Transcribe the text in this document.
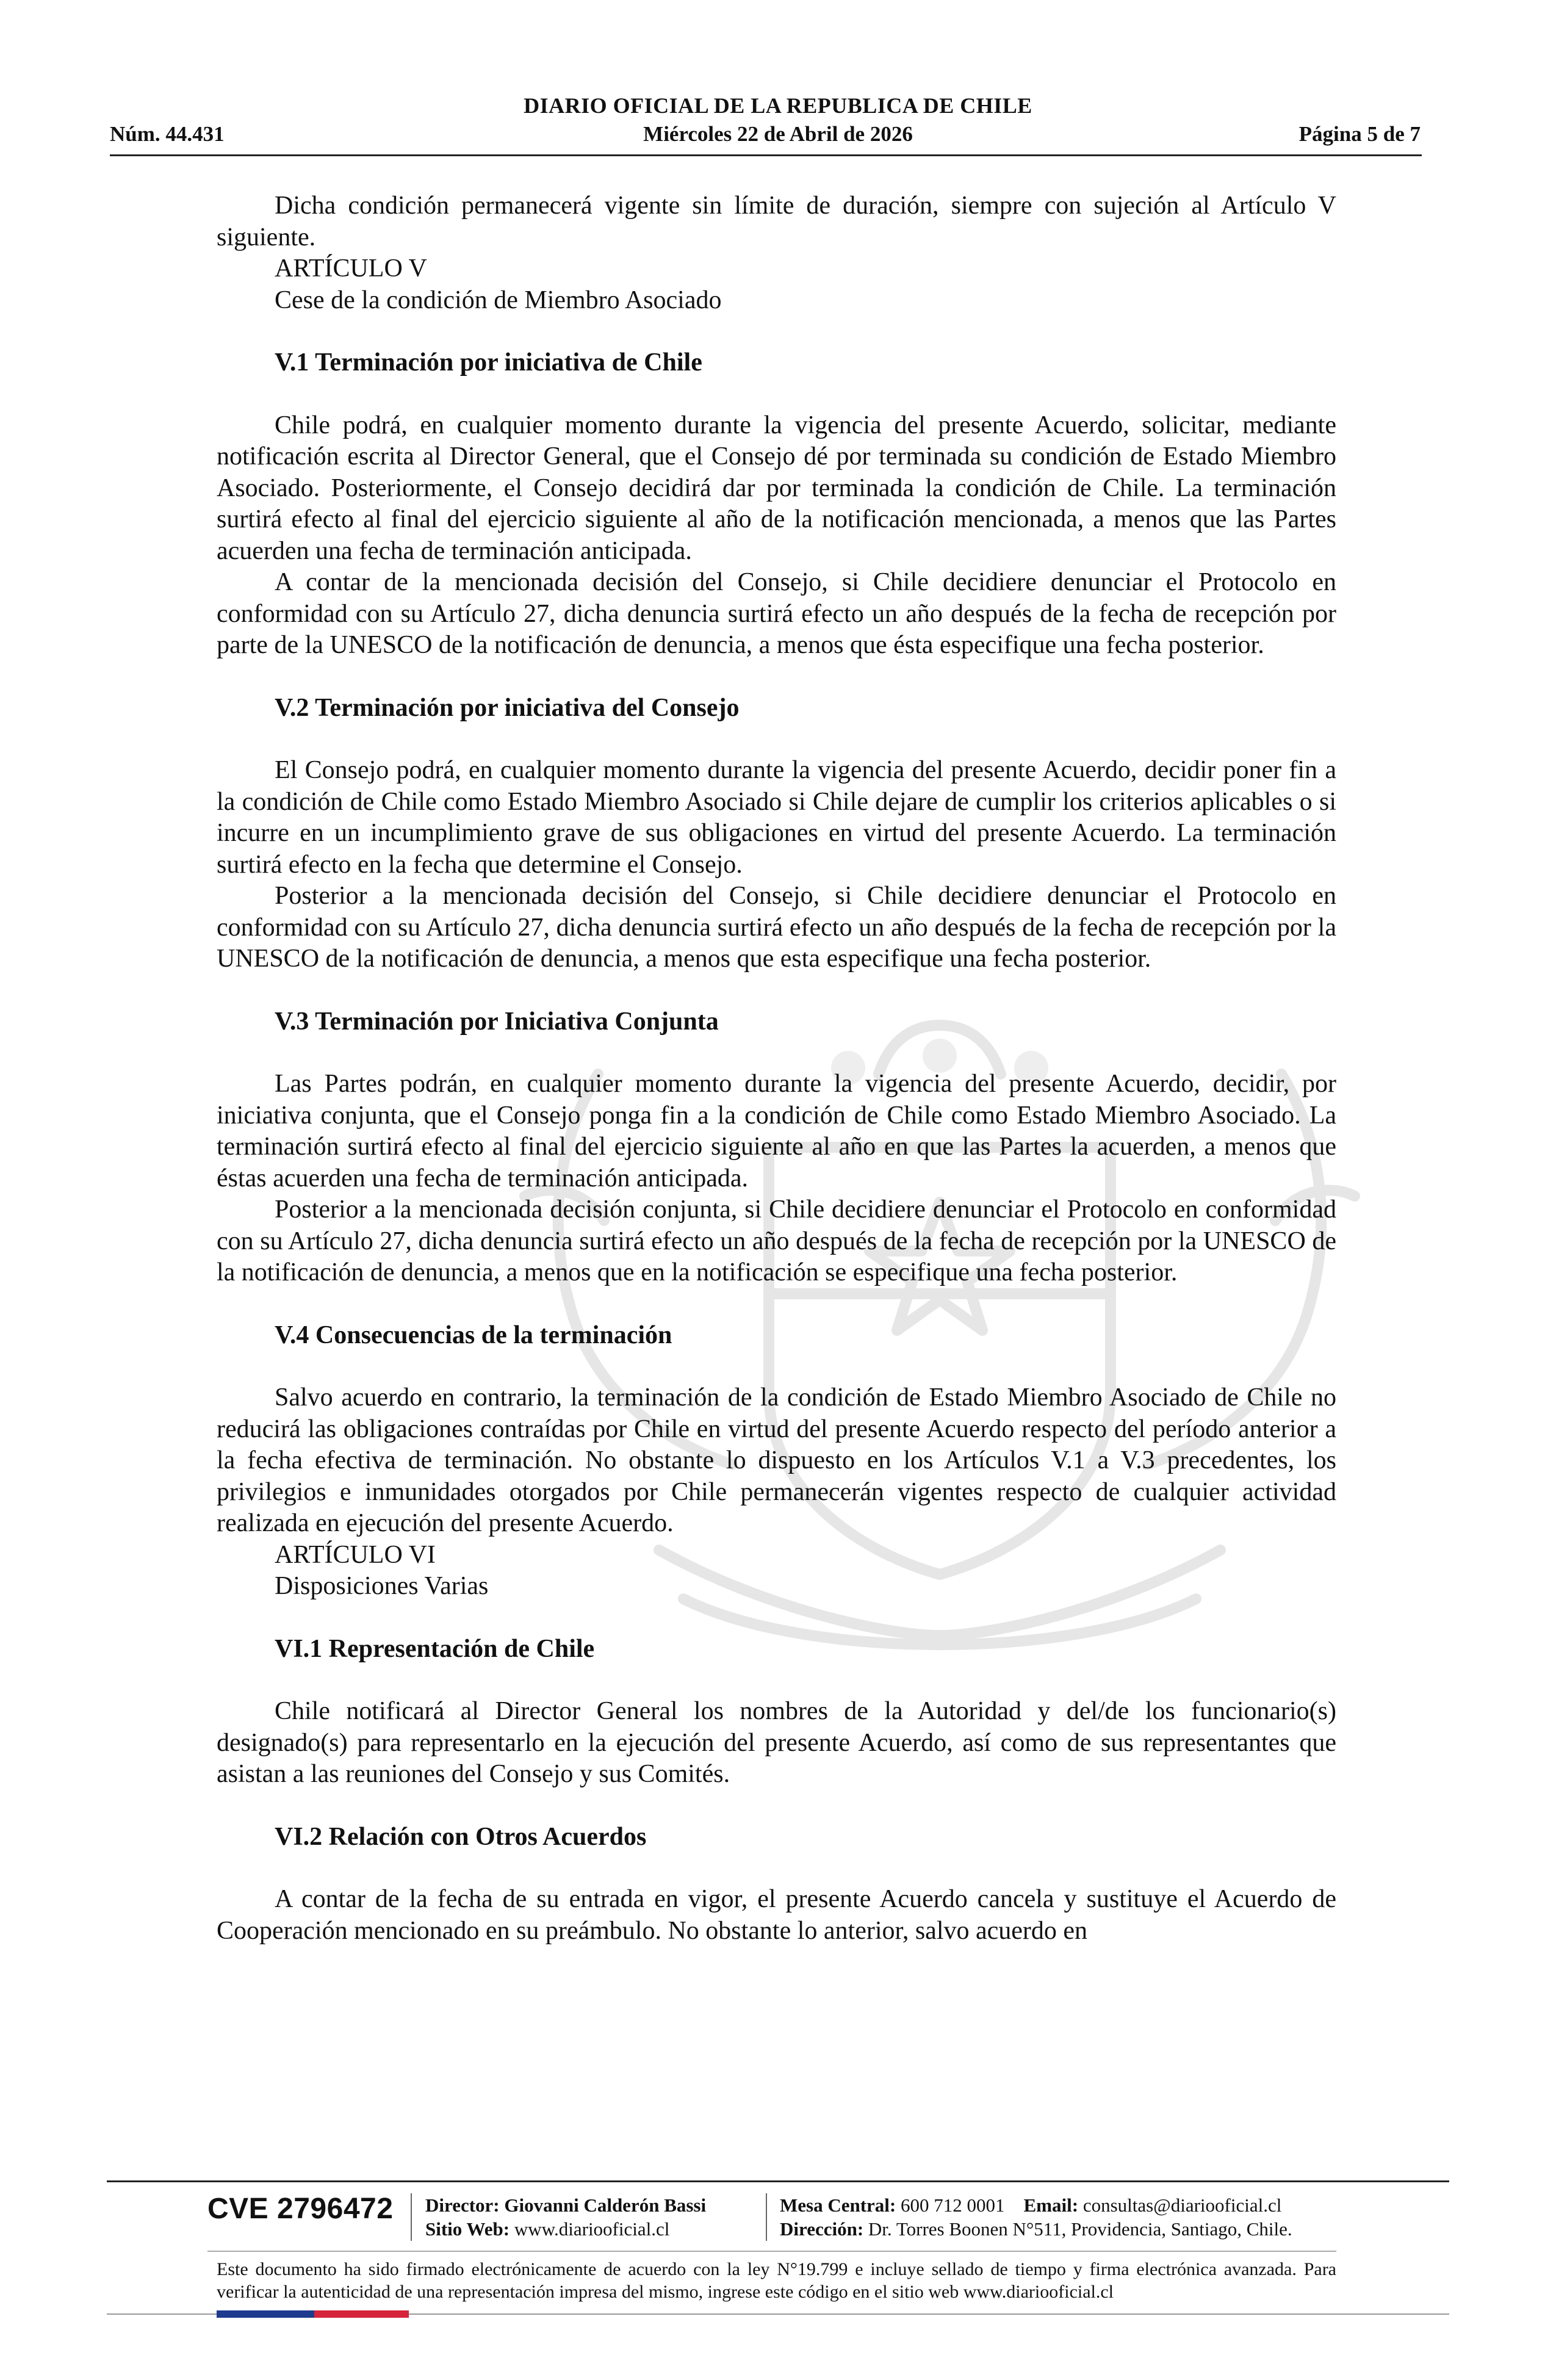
DIARIO OFICIAL DE LA REPUBLICA DE CHILE
Núm. 44.431	Miércoles 22 de Abril de 2026	Página 5 de 7

Dicha condición permanecerá vigente sin límite de duración, siempre con sujeción al Artículo V siguiente.

ARTÍCULO V

Cese de la condición de Miembro Asociado

V.1 Terminación por iniciativa de Chile

Chile podrá, en cualquier momento durante la vigencia del presente Acuerdo, solicitar, mediante notificación escrita al Director General, que el Consejo dé por terminada su condición de Estado Miembro Asociado. Posteriormente, el Consejo decidirá dar por terminada la condición de Chile. La terminación surtirá efecto al final del ejercicio siguiente al año de la notificación mencionada, a menos que las Partes acuerden una fecha de terminación anticipada.

A contar de la mencionada decisión del Consejo, si Chile decidiere denunciar el Protocolo en conformidad con su Artículo 27, dicha denuncia surtirá efecto un año después de la fecha de recepción por parte de la UNESCO de la notificación de denuncia, a menos que ésta especifique una fecha posterior.

V.2 Terminación por iniciativa del Consejo

El Consejo podrá, en cualquier momento durante la vigencia del presente Acuerdo, decidir poner fin a la condición de Chile como Estado Miembro Asociado si Chile dejare de cumplir los criterios aplicables o si incurre en un incumplimiento grave de sus obligaciones en virtud del presente Acuerdo. La terminación surtirá efecto en la fecha que determine el Consejo.

Posterior a la mencionada decisión del Consejo, si Chile decidiere denunciar el Protocolo en conformidad con su Artículo 27, dicha denuncia surtirá efecto un año después de la fecha de recepción por la UNESCO de la notificación de denuncia, a menos que esta especifique una fecha posterior.

V.3 Terminación por Iniciativa Conjunta

Las Partes podrán, en cualquier momento durante la vigencia del presente Acuerdo, decidir, por iniciativa conjunta, que el Consejo ponga fin a la condición de Chile como Estado Miembro Asociado. La terminación surtirá efecto al final del ejercicio siguiente al año en que las Partes la acuerden, a menos que éstas acuerden una fecha de terminación anticipada.

Posterior a la mencionada decisión conjunta, si Chile decidiere denunciar el Protocolo en conformidad con su Artículo 27, dicha denuncia surtirá efecto un año después de la fecha de recepción por la UNESCO de la notificación de denuncia, a menos que en la notificación se especifique una fecha posterior.

V.4 Consecuencias de la terminación

Salvo acuerdo en contrario, la terminación de la condición de Estado Miembro Asociado de Chile no reducirá las obligaciones contraídas por Chile en virtud del presente Acuerdo respecto del período anterior a la fecha efectiva de terminación. No obstante lo dispuesto en los Artículos V.1 a V.3 precedentes, los privilegios e inmunidades otorgados por Chile permanecerán vigentes respecto de cualquier actividad realizada en ejecución del presente Acuerdo.

ARTÍCULO VI

Disposiciones Varias

VI.1 Representación de Chile

Chile notificará al Director General los nombres de la Autoridad y del/de los funcionario(s) designado(s) para representarlo en la ejecución del presente Acuerdo, así como de sus representantes que asistan a las reuniones del Consejo y sus Comités.

VI.2 Relación con Otros Acuerdos

A contar de la fecha de su entrada en vigor, el presente Acuerdo cancela y sustituye el Acuerdo de Cooperación mencionado en su preámbulo. No obstante lo anterior, salvo acuerdo en

CVE 2796472 Director: Giovanni Calderón Bassi
Sitio Web: www.diariooficial.cl
Mesa Central: 600 712 0001 Email: consultas@diariooficial.cl
Dirección: Dr. Torres Boonen N°511, Providencia, Santiago, Chile.
Este documento ha sido firmado electrónicamente de acuerdo con la ley N°19.799 e incluye sellado de tiempo y firma electrónica avanzada. Para verificar la autenticidad de una representación impresa del mismo, ingrese este código en el sitio web www.diariooficial.cl
